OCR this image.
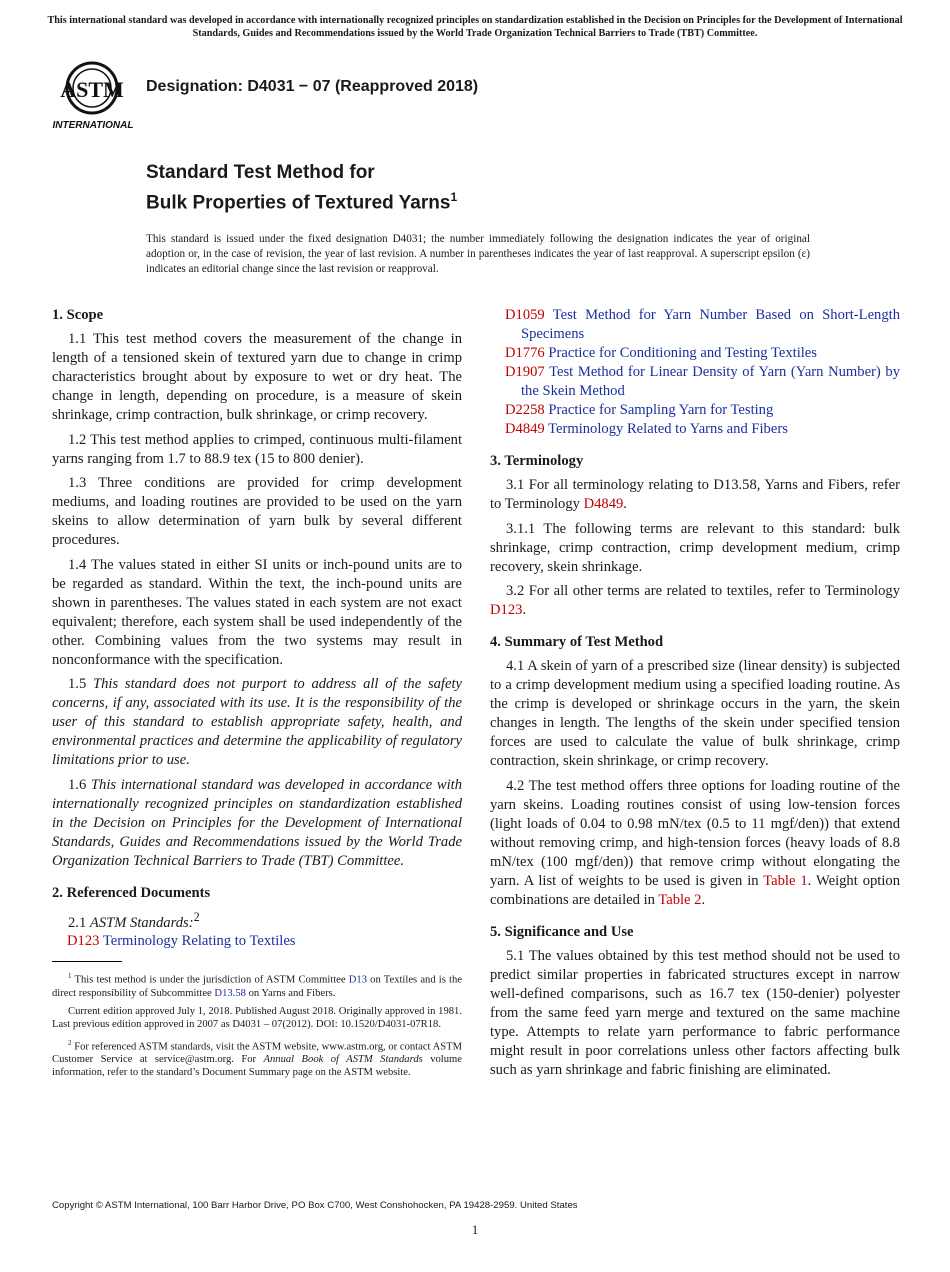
This international standard was developed in accordance with internationally recognized principles on standardization established in the Decision on Principles for the Development of International Standards, Guides and Recommendations issued by the World Trade Organization Technical Barriers to Trade (TBT) Committee.
ASTM
INTERNATIONAL
Designation: D4031 − 07 (Reapproved 2018)
Standard Test Method for
Bulk Properties of Textured Yarns$^1$
This standard is issued under the fixed designation D4031; the number immediately following the designation indicates the year of original adoption or, in the case of revision, the year of last revision. A number in parentheses indicates the year of last reapproval. A superscript epsilon (ε) indicates an editorial change since the last revision or reapproval.
1. Scope

1.1 This test method covers the measurement of the change in length of a tensioned skein of textured yarn due to change in crimp characteristics brought about by exposure to wet or dry heat. The change in length, depending on procedure, is a measure of skein shrinkage, crimp contraction, bulk shrinkage, or crimp recovery.

1.2 This test method applies to crimped, continuous multi-filament yarns ranging from 1.7 to 88.9 tex (15 to 800 denier).

1.3 Three conditions are provided for crimp development mediums, and loading routines are provided to be used on the yarn skeins to allow determination of yarn bulk by several different procedures.

1.4 The values stated in either SI units or inch-pound units are to be regarded as standard. Within the text, the inch-pound units are shown in parentheses. The values stated in each system are not exact equivalent; therefore, each system shall be used independently of the other. Combining values from the two systems may result in nonconformance with the specification.

1.5 This standard does not purport to address all of the safety concerns, if any, associated with its use. It is the responsibility of the user of this standard to establish appropriate safety, health, and environmental practices and determine the applicability of regulatory limitations prior to use.

1.6 This international standard was developed in accordance with internationally recognized principles on standardization established in the Decision on Principles for the Development of International Standards, Guides and Recommendations issued by the World Trade Organization Technical Barriers to Trade (TBT) Committee.

2. Referenced Documents
2.1 ASTM Standards:$^2$
D123 Terminology Relating to Textiles

$^1$ This test method is under the jurisdiction of ASTM Committee D13 on Textiles and is the direct responsibility of Subcommittee D13.58 on Yarns and Fibers.

Current edition approved July 1, 2018. Published August 2018. Originally approved in 1981. Last previous edition approved in 2007 as D4031 – 07(2012). DOI: 10.1520/D4031-07R18.

$^2$ For referenced ASTM standards, visit the ASTM website, www.astm.org, or contact ASTM Customer Service at service@astm.org. For Annual Book of ASTM Standards volume information, refer to the standard’s Document Summary page on the ASTM website.

D1059 Test Method for Yarn Number Based on Short-Length Specimens
D1776 Practice for Conditioning and Testing Textiles
D1907 Test Method for Linear Density of Yarn (Yarn Number) by the Skein Method
D2258 Practice for Sampling Yarn for Testing
D4849 Terminology Related to Yarns and Fibers
3. Terminology

3.1 For all terminology relating to D13.58, Yarns and Fibers, refer to Terminology D4849.

3.1.1 The following terms are relevant to this standard: bulk shrinkage, crimp contraction, crimp development medium, crimp recovery, skein shrinkage.

3.2 For all other terms are related to textiles, refer to Terminology D123.

4. Summary of Test Method

4.1 A skein of yarn of a prescribed size (linear density) is subjected to a crimp development medium using a specified loading routine. As the crimp is developed or shrinkage occurs in the yarn, the skein changes in length. The lengths of the skein under specified tension forces are used to calculate the value of bulk shrinkage, crimp contraction, skein shrinkage, or crimp recovery.

4.2 The test method offers three options for loading routine of the yarn skeins. Loading routines consist of using low-tension forces (light loads of 0.04 to 0.98 mN/tex (0.5 to 11 mgf/den)) that extend without removing crimp, and high-tension forces (heavy loads of 8.8 mN/tex (100 mgf/den)) that remove crimp without elongating the yarn. A list of weights to be used is given in Table 1. Weight option combinations are detailed in Table 2.

5. Significance and Use

5.1 The values obtained by this test method should not be used to predict similar properties in fabricated structures except in narrow well-defined comparisons, such as 16.7 tex (150-denier) polyester from the same feed yarn merge and textured on the same machine type. Attempts to relate yarn performance to fabric performance might result in poor correlations unless other factors affecting bulk such as yarn shrinkage and fabric finishing are eliminated.

Copyright © ASTM International, 100 Barr Harbor Drive, PO Box C700, West Conshohocken, PA 19428-2959. United States
1
